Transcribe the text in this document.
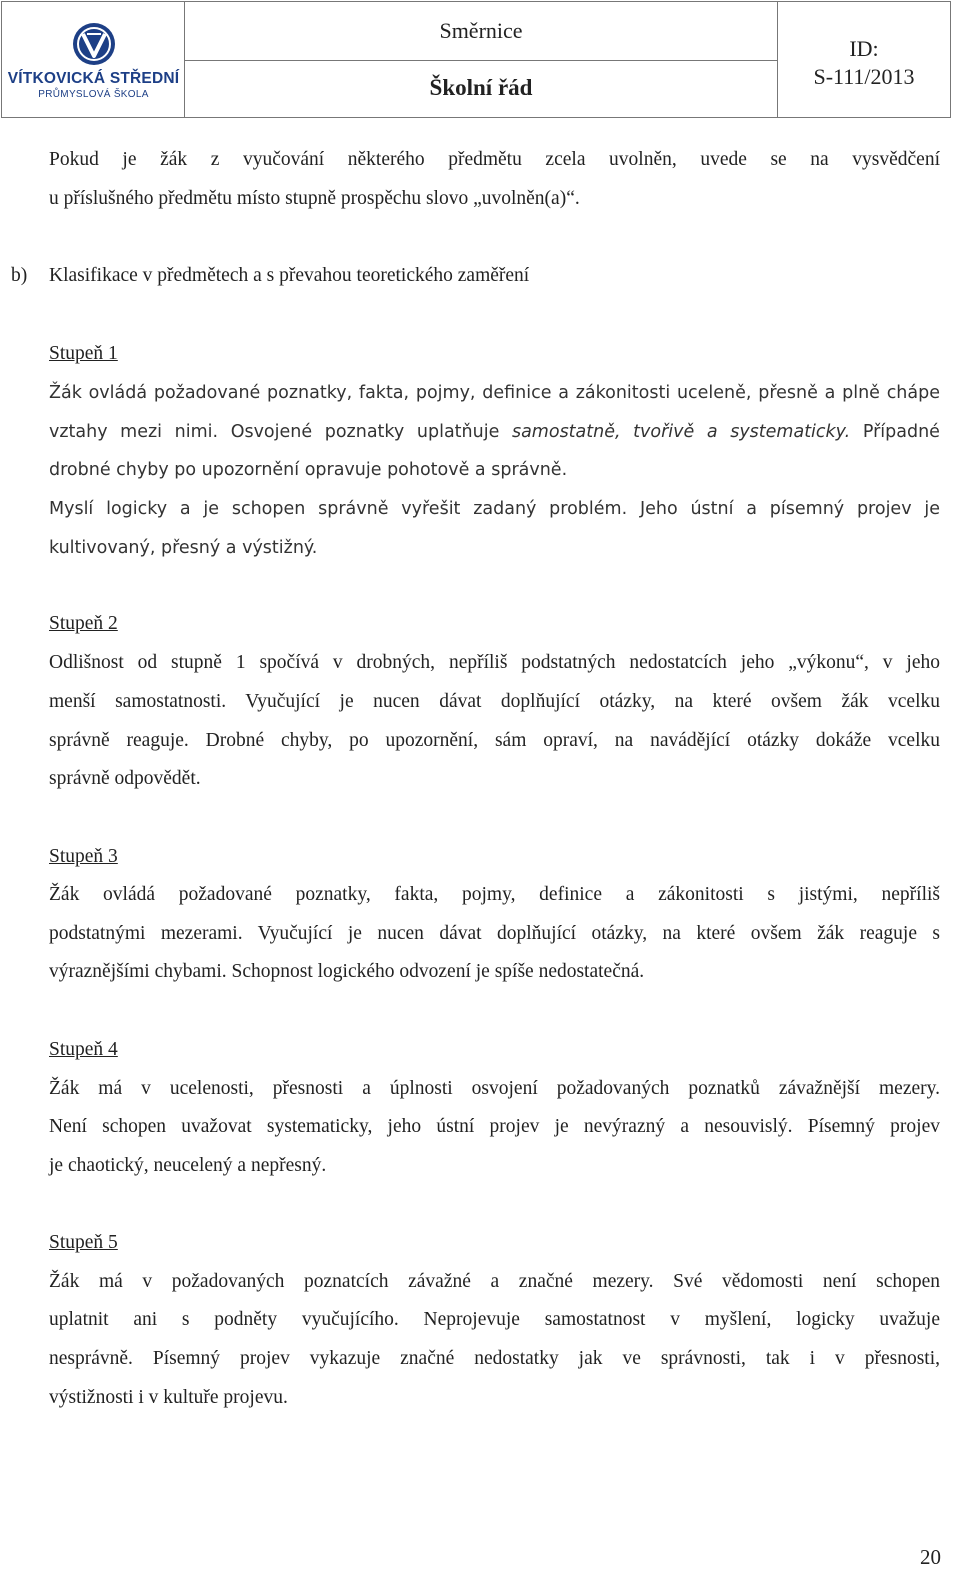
VÍTKOVICKÁ STŘEDNÍ
PRŮMYSLOVÁ ŠKOLA
Směrnice
Školní řád
ID:
S-111/2013
Pokud je žák z vyučování některého předmětu zcela uvolněn, uvede se na vysvědčení
u příslušného předmětu místo stupně prospěchu slovo „uvolněn(a)“.
b) Klasifikace v předmětech a s převahou teoretického zaměření
Stupeň 1
Žák ovládá požadované poznatky, fakta, pojmy, definice a zákonitosti uceleně, přesně a plně chápe
vztahy mezi nimi. Osvojené poznatky uplatňuje samostatně, tvořivě a systematicky. Případné
drobné chyby po upozornění opravuje pohotově a správně.
Myslí logicky a je schopen správně vyřešit zadaný problém. Jeho ústní a písemný projev je
kultivovaný, přesný a výstižný.
Stupeň 2
Odlišnost od stupně 1 spočívá v drobných, nepříliš podstatných nedostatcích jeho „výkonu“, v jeho
menší samostatnosti. Vyučující je nucen dávat doplňující otázky, na které ovšem žák vcelku
správně reaguje. Drobné chyby, po upozornění, sám opraví, na navádějící otázky dokáže vcelku
správně odpovědět.
Stupeň 3
Žák ovládá požadované poznatky, fakta, pojmy, definice a zákonitosti s jistými, nepříliš
podstatnými mezerami. Vyučující je nucen dávat doplňující otázky, na které ovšem žák reaguje s
výraznějšími chybami. Schopnost logického odvození je spíše nedostatečná.
Stupeň 4
Žák má v ucelenosti, přesnosti a úplnosti osvojení požadovaných poznatků závažnější mezery.
Není schopen uvažovat systematicky, jeho ústní projev je nevýrazný a nesouvislý. Písemný projev
je chaotický, neucelený a nepřesný.
Stupeň 5
Žák má v požadovaných poznatcích závažné a značné mezery. Své vědomosti není schopen
uplatnit ani s podněty vyučujícího. Neprojevuje samostatnost v myšlení, logicky uvažuje
nesprávně. Písemný projev vykazuje značné nedostatky jak ve správnosti, tak i v přesnosti,
výstižnosti i v kultuře projevu.
20
